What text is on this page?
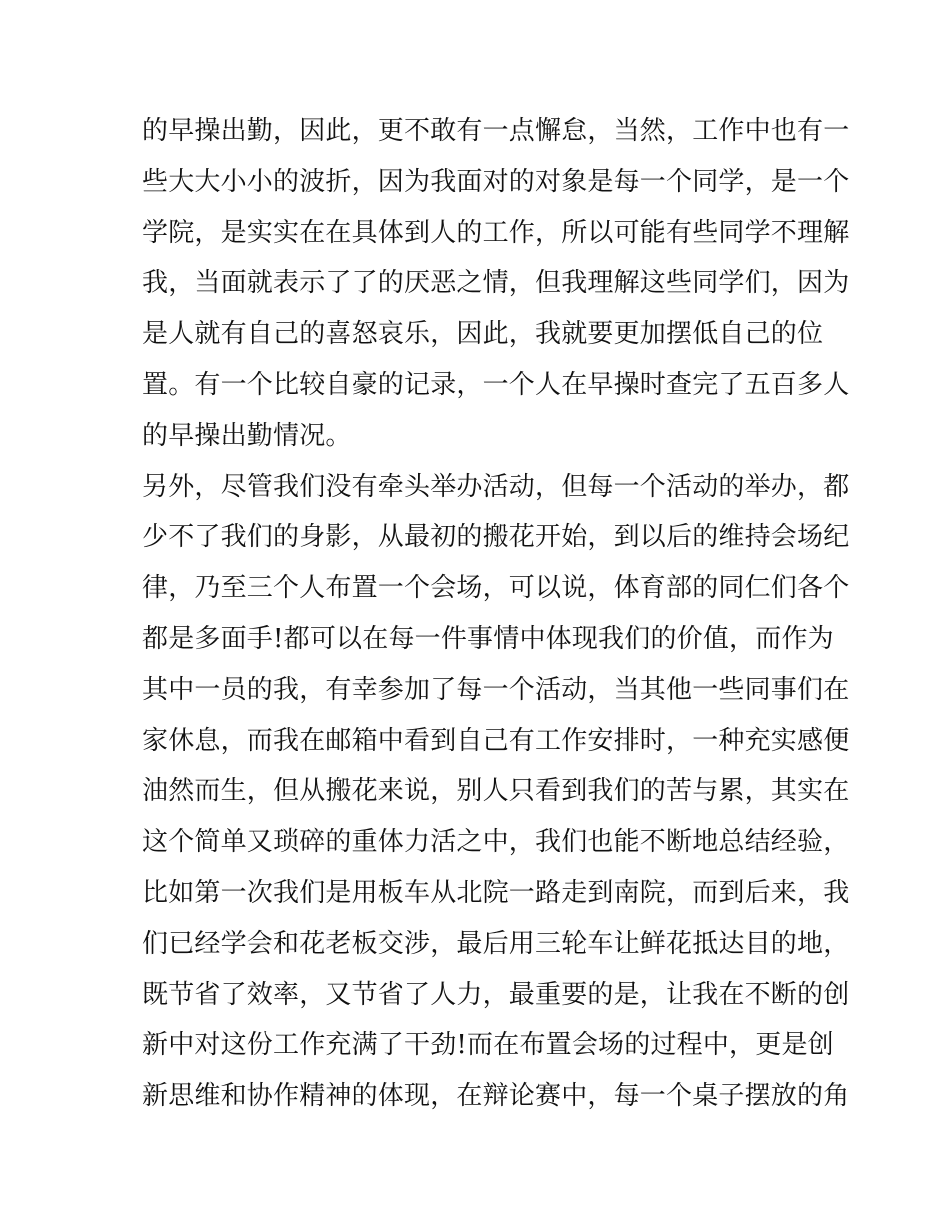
的早操出勤，因此，更不敢有一点懈怠，当然，工作中也有一
些大大小小的波折，因为我面对的对象是每一个同学，是一个
学院，是实实在在具体到人的工作，所以可能有些同学不理解
我，当面就表示了了的厌恶之情，但我理解这些同学们，因为
是人就有自己的喜怒哀乐，因此，我就要更加摆低自己的位
置。有一个比较自豪的记录，一个人在早操时查完了五百多人
的早操出勤情况。
另外，尽管我们没有牵头举办活动，但每一个活动的举办，都
少不了我们的身影，从最初的搬花开始，到以后的维持会场纪
律，乃至三个人布置一个会场，可以说，体育部的同仁们各个
都是多面手!都可以在每一件事情中体现我们的价值，而作为
其中一员的我，有幸参加了每一个活动，当其他一些同事们在
家休息，而我在邮箱中看到自己有工作安排时，一种充实感便
油然而生，但从搬花来说，别人只看到我们的苦与累，其实在
这个简单又琐碎的重体力活之中，我们也能不断地总结经验，
比如第一次我们是用板车从北院一路走到南院，而到后来，我
们已经学会和花老板交涉，最后用三轮车让鲜花抵达目的地，
既节省了效率，又节省了人力，最重要的是，让我在不断的创
新中对这份工作充满了干劲!而在布置会场的过程中，更是创
新思维和协作精神的体现，在辩论赛中，每一个桌子摆放的角
